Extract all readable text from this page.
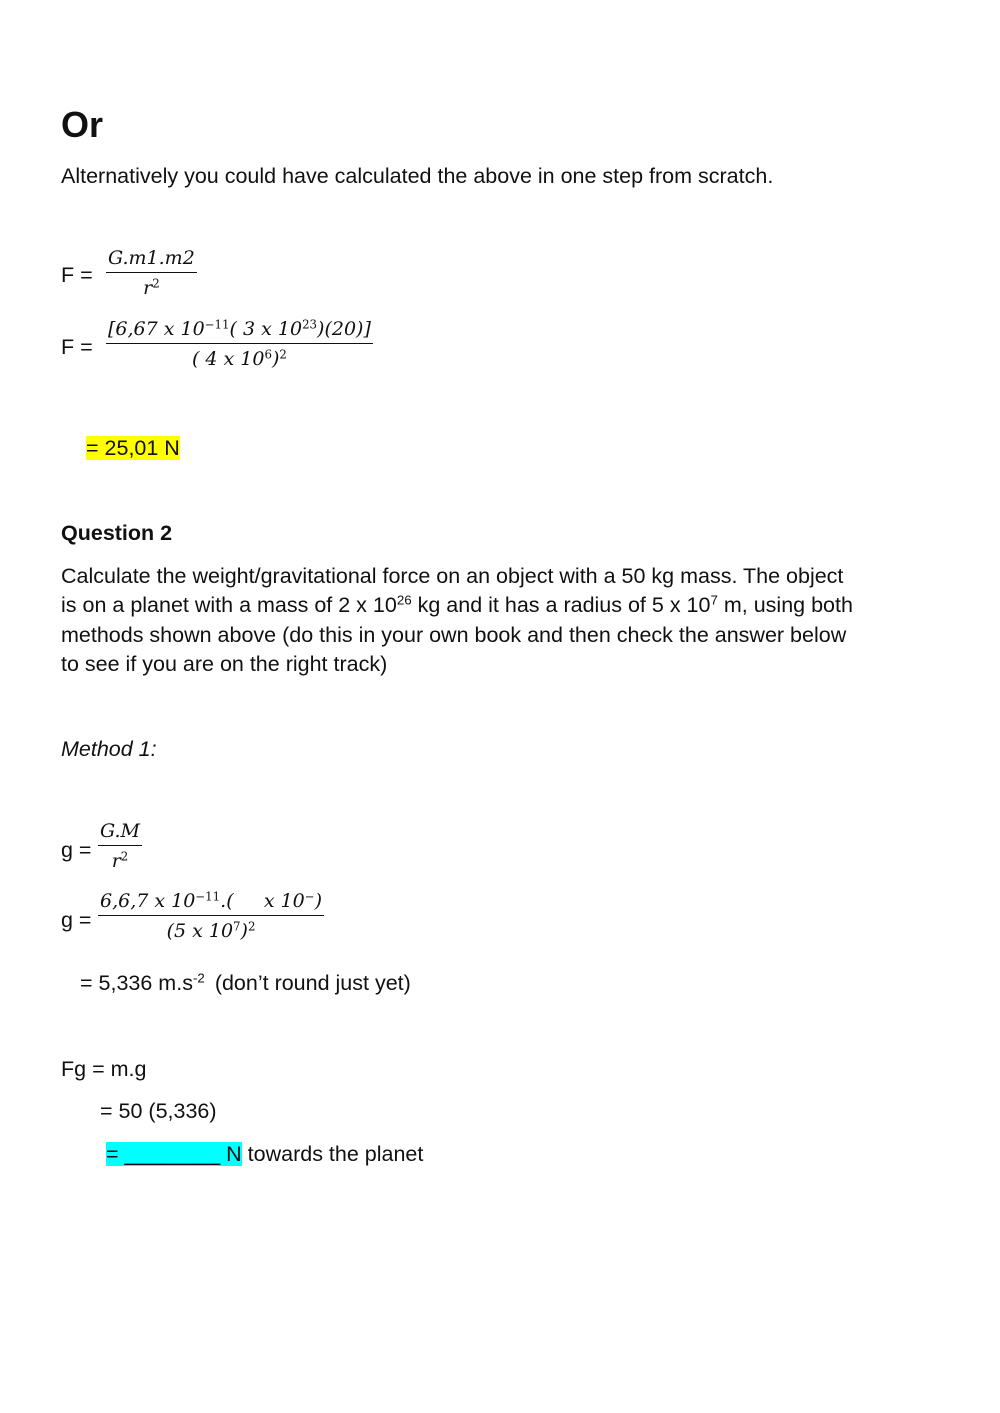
Or
Alternatively you could have calculated the above in one step from scratch.
$F = \frac{G.m1.m2}{r^2}$
$F = \frac{[6,67 x 10^{-11}( 3 x 10^{23})(20)]}{( 4 x 10^6)^2}$
= 25,01 N
Question 2
Calculate the weight/gravitational force on an object with a 50 kg mass. The object
is on a planet with a mass of 2 x $10^{26}$ kg and it has a radius of 5 x $10^7$ m, using both
methods shown above (do this in your own book and then check the answer below
to see if you are on the right track)
Method 1:
$g = \frac{G.M}{r^2}$
$g = \frac{6,6,7 x 10^{-11}.( x 10^-)}{(5 x 10^7)^2}$
= 5,336 $m.s^{-2}$ (don’t round just yet)
Fg = m.g
= 50 (5,336)
= ________ N towards the planet
